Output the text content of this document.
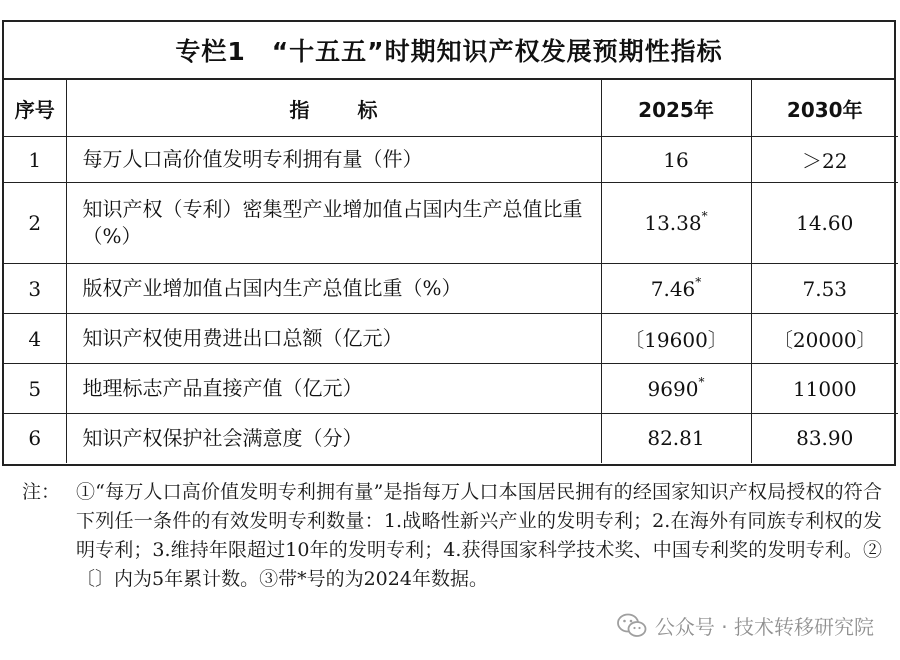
专栏1　“十五五”时期知识产权发展预期性指标
序号	指 标	2025年	2030年
1	每万人口高价值发明专利拥有量（件）	16	＞22
2	知识产权（专利）密集型产业增加值占国内生产总值比重（%）	13.38*	14.60
3	版权产业增加值占国内生产总值比重（%）	7.46*	7.53
4	知识产权使用费进出口总额（亿元）	〔19600〕	〔20000〕
5	地理标志产品直接产值（亿元）	9690*	11000
6	知识产权保护社会满意度（分）	82.81	83.90
注： ①“每万人口高价值发明专利拥有量”是指每万人口本国居民拥有的经国家知识产权局授权的符合下列任一条件的有效发明专利数量：1.战略性新兴产业的发明专利；2.在海外有同族专利权的发明专利；3.维持年限超过10年的发明专利；4.获得国家科学技术奖、中国专利奖的发明专利。②〔〕内为5年累计数。③带*号的为2024年数据。
公众号 · 技术转移研究院
